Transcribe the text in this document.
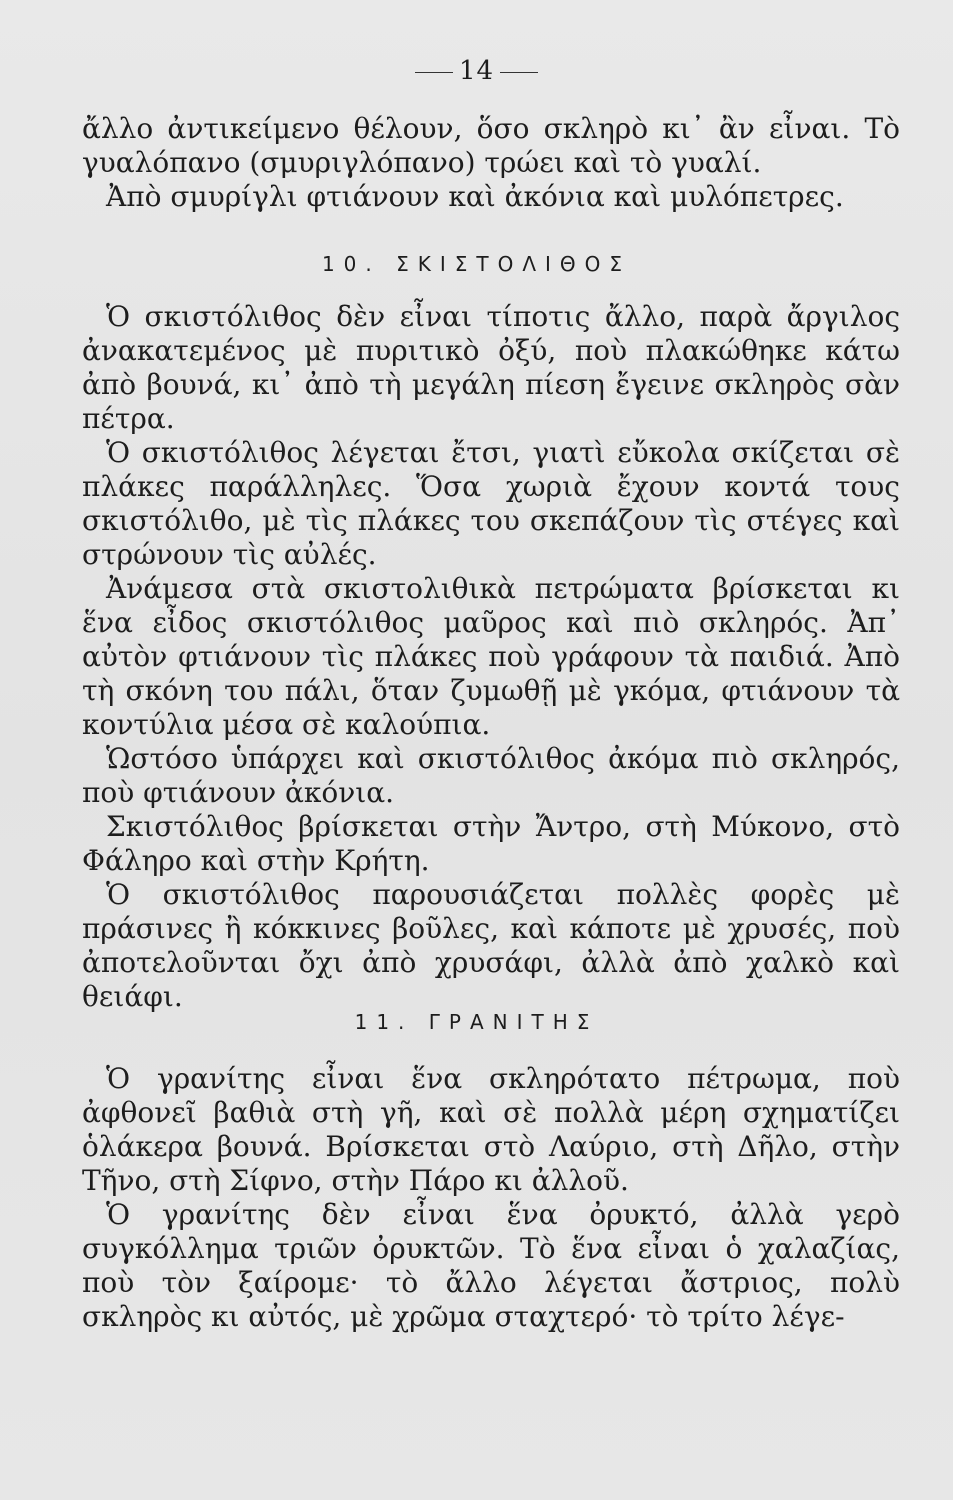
14

ἄλλο ἀντικείμενο θέλουν, ὅσο σκληρὸ κι᾿ ἂν εἶναι. Τὸ γυαλόπανο (σμυριγλόπανο) τρώει καὶ τὸ γυαλί.

Ἀπὸ σμυρίγλι φτιάνουν καὶ ἀκόνια καὶ μυλόπετρες.

10. ΣΚΙΣΤΟΛΙΘΟΣ

Ὁ σκιστόλιθος δὲν εἶναι τίποτις ἄλλο, παρὰ ἄργιλος ἀνακατεμένος μὲ πυριτικὸ ὀξύ, ποὺ πλακώθηκε κάτω ἀπὸ βουνά, κι᾿ ἀπὸ τὴ μεγάλη πίεση ἔγεινε σκληρὸς σὰν πέτρα.

Ὁ σκιστόλιθος λέγεται ἔτσι, γιατὶ εὔκολα σκίζεται σὲ πλάκες παράλληλες. Ὅσα χωριὰ ἔχουν κοντά τους σκιστόλιθο, μὲ τὶς πλάκες του σκεπάζουν τὶς στέγες καὶ στρώνουν τὶς αὐλές.

Ἀνάμεσα στὰ σκιστολιθικὰ πετρώματα βρίσκεται κι ἕνα εἶδος σκιστόλιθος μαῦρος καὶ πιὸ σκληρός. Ἀπ᾿ αὐτὸν φτιάνουν τὶς πλάκες ποὺ γράφουν τὰ παιδιά. Ἀπὸ τὴ σκόνη του πάλι, ὅταν ζυμωθῇ μὲ γκόμα, φτιάνουν τὰ κοντύλια μέσα σὲ καλούπια.

Ὡστόσο ὑπάρχει καὶ σκιστόλιθος ἀκόμα πιὸ σκληρός, ποὺ φτιάνουν ἀκόνια.

Σκιστόλιθος βρίσκεται στὴν Ἄντρο, στὴ Μύκονο, στὸ Φάληρο καὶ στὴν Κρήτη.

Ὁ σκιστόλιθος παρουσιάζεται πολλὲς φορὲς μὲ πράσινες ἢ κόκκινες βοῦλες, καὶ κάποτε μὲ χρυσές, ποὺ ἀποτελοῦνται ὄχι ἀπὸ χρυσάφι, ἀλλὰ ἀπὸ χαλκὸ καὶ θειάφι.

11. ΓΡΑΝΙΤΗΣ

Ὁ γρανίτης εἶναι ἕνα σκληρότατο πέτρωμα, ποὺ ἀφθονεῖ βαθιὰ στὴ γῆ, καὶ σὲ πολλὰ μέρη σχηματίζει ὁλάκερα βουνά. Βρίσκεται στὸ Λαύριο, στὴ Δῆλο, στὴν Τῆνο, στὴ Σίφνο, στὴν Πάρο κι ἀλλοῦ.

Ὁ γρανίτης δὲν εἶναι ἕνα ὀρυκτό, ἀλλὰ γερὸ συγκόλλημα τριῶν ὀρυκτῶν. Τὸ ἕνα εἶναι ὁ χαλαζίας, ποὺ τὸν ξαίρομε· τὸ ἄλλο λέγεται ἄστριος, πολὺ σκληρὸς κι αὐτός, μὲ χρῶμα σταχτερό· τὸ τρίτο λέγε-
